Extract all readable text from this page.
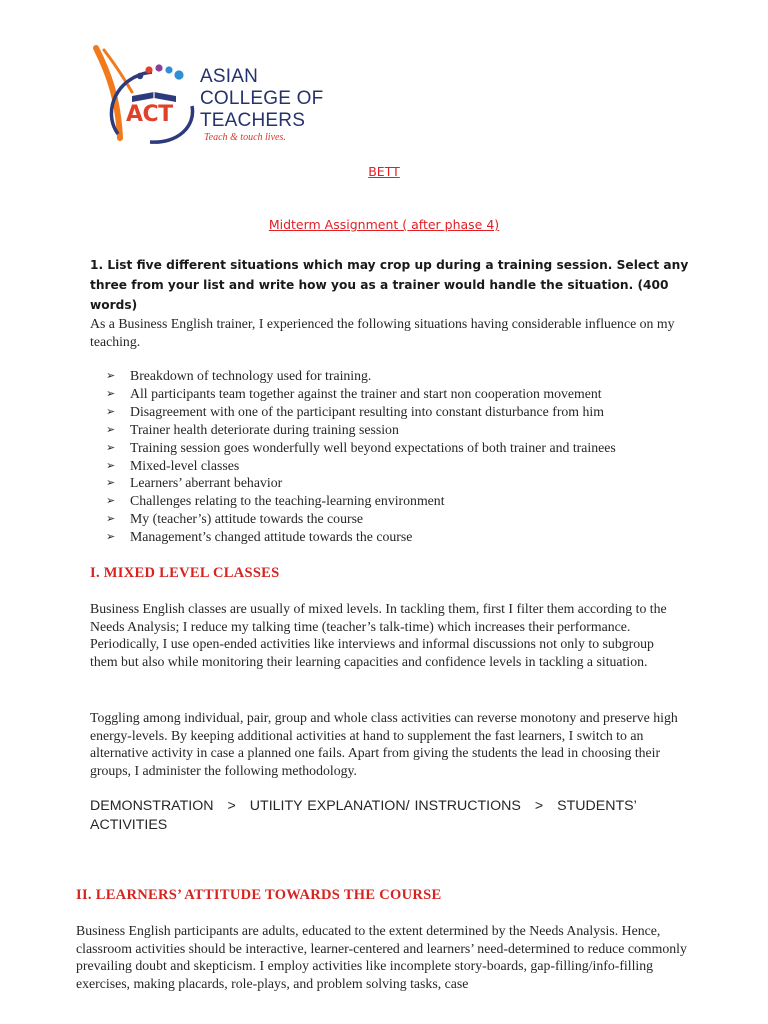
ACT
ASIAN
COLLEGE OF
TEACHERS
Teach & touch lives.
BETT
Midterm Assignment ( after phase 4)
1. List five different situations which may crop up during a training session. Select any three from your list and write how you as a trainer would handle the situation. (400 words)
As a Business English trainer, I experienced the following situations having considerable influence on my teaching.
➢ Breakdown of technology used for training.
➢ All participants team together against the trainer and start non cooperation movement
➢ Disagreement with one of the participant resulting into constant disturbance from him
➢ Trainer health deteriorate during training session
➢ Training session goes wonderfully well beyond expectations of both trainer and trainees
➢ Mixed-level classes
➢ Learners’ aberrant behavior
➢ Challenges relating to the teaching-learning environment
➢ My (teacher’s) attitude towards the course
➢ Management’s changed attitude towards the course
I. MIXED LEVEL CLASSES
Business English classes are usually of mixed levels. In tackling them, first I filter them according to the Needs Analysis; I reduce my talking time (teacher’s talk-time) which increases their performance. Periodically, I use open-ended activities like interviews and informal discussions not only to subgroup them but also while monitoring their learning capacities and confidence levels in tackling a situation.
Toggling among individual, pair, group and whole class activities can reverse monotony and preserve high energy-levels. By keeping additional activities at hand to supplement the fast learners, I switch to an alternative activity in case a planned one fails. Apart from giving the students the lead in choosing their groups, I administer the following methodology.
DEMONSTRATION > UTILITY EXPLANATION/ INSTRUCTIONS > STUDENTS’ ACTIVITIES
II. LEARNERS’ ATTITUDE TOWARDS THE COURSE
Business English participants are adults, educated to the extent determined by the Needs Analysis. Hence, classroom activities should be interactive, learner-centered and learners’ need-determined to reduce commonly prevailing doubt and skepticism. I employ activities like incomplete story-boards, gap-filling/info-filling exercises, making placards, role-plays, and problem solving tasks, case
